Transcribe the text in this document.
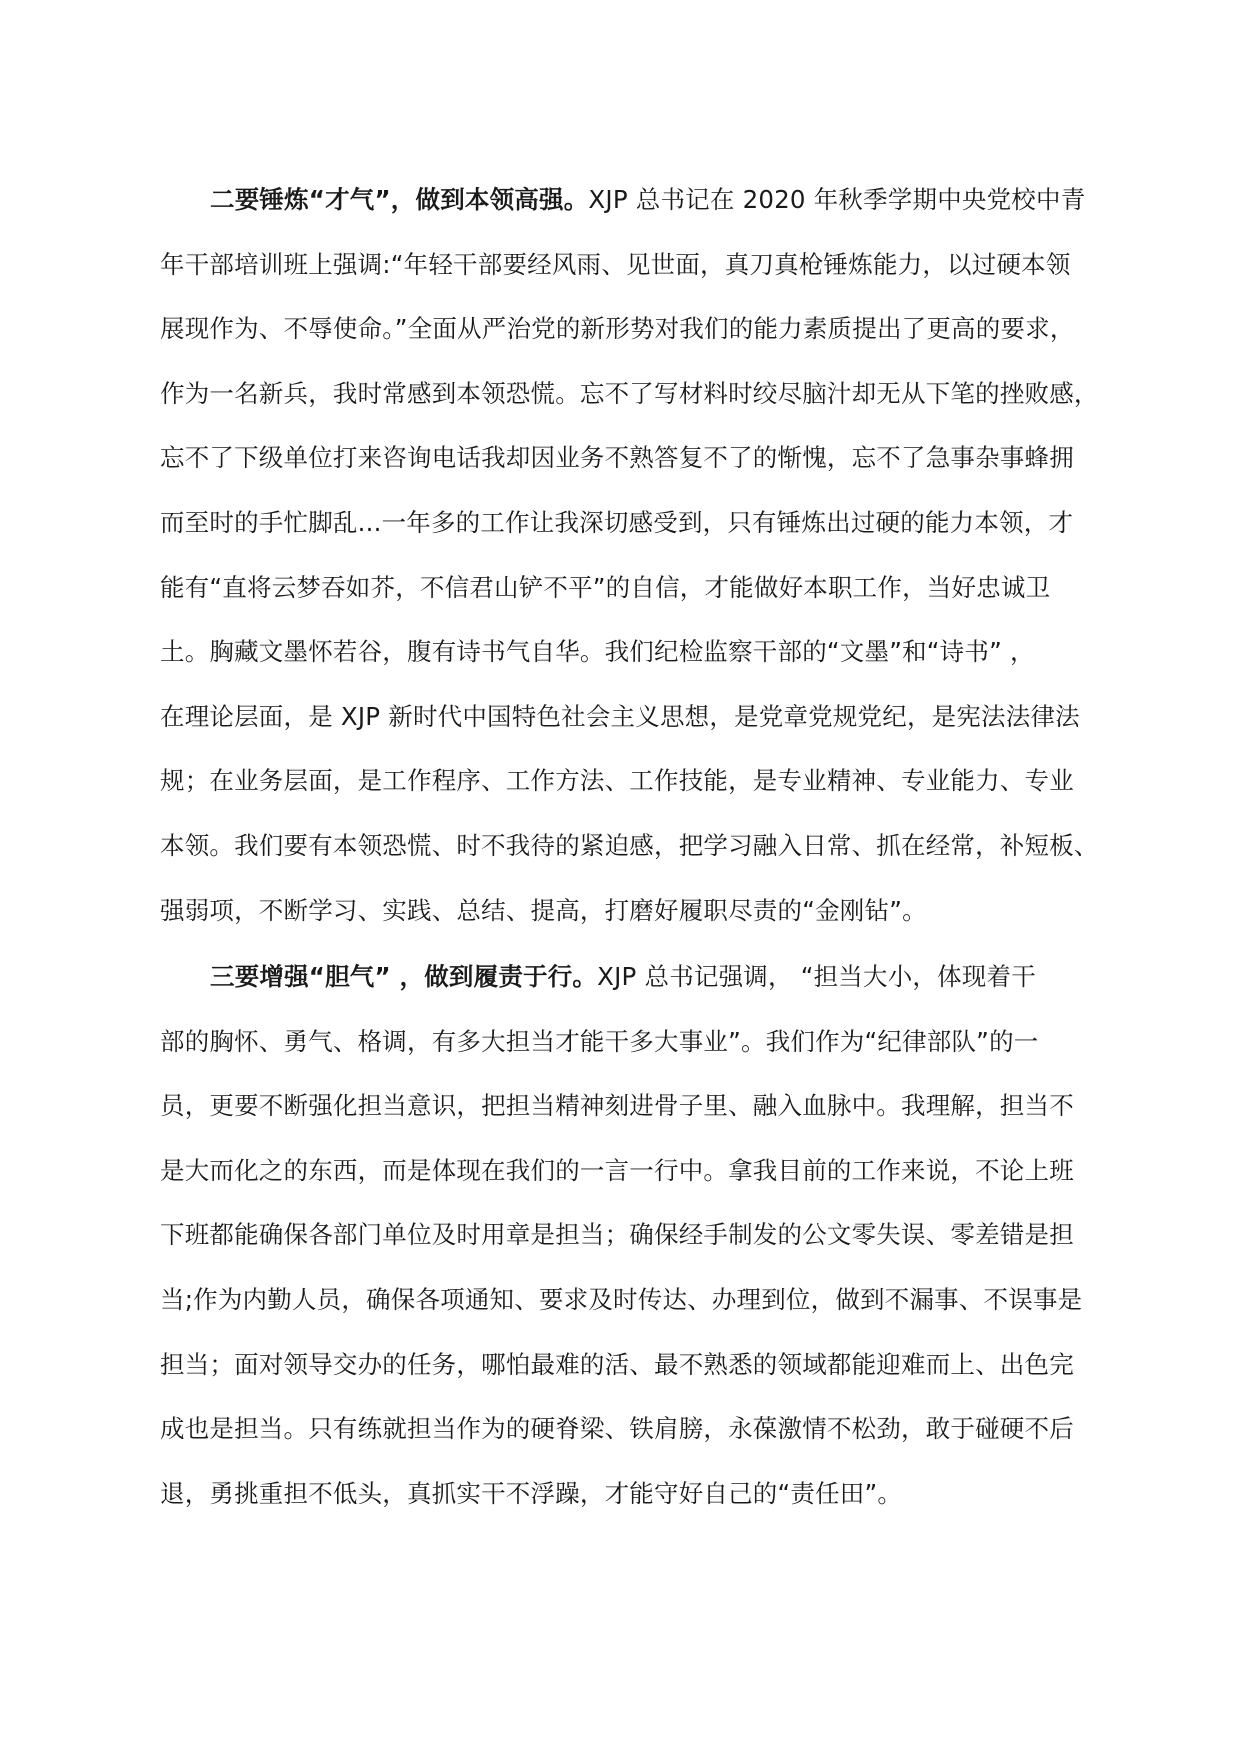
二要锤炼“才气”，做到本领高强。XJP 总书记在 2020 年秋季学期中央党校中青
年干部培训班上强调:“年轻干部要经风雨、见世面，真刀真枪锤炼能力，以过硬本领
展现作为、不辱使命。”全面从严治党的新形势对我们的能力素质提出了更高的要求，
作为一名新兵，我时常感到本领恐慌。忘不了写材料时绞尽脑汁却无从下笔的挫败感，
忘不了下级单位打来咨询电话我却因业务不熟答复不了的惭愧，忘不了急事杂事蜂拥
而至时的手忙脚乱...一年多的工作让我深切感受到，只有锤炼出过硬的能力本领，才
能有“直将云梦吞如芥，不信君山铲不平”的自信，才能做好本职工作，当好忠诚卫
土。胸藏文墨怀若谷，腹有诗书气自华。我们纪检监察干部的“文墨”和“诗书” ，
在理论层面，是 XJP 新时代中国特色社会主义思想，是党章党规党纪，是宪法法律法
规；在业务层面，是工作程序、工作方法、工作技能，是专业精神、专业能力、专业
本领。我们要有本领恐慌、时不我待的紧迫感，把学习融入日常、抓在经常，补短板、
强弱项，不断学习、实践、总结、提高，打磨好履职尽责的“金刚钻”。
三要增强“胆气” ，做到履责于行。XJP 总书记强调， “担当大小，体现着干
部的胸怀、勇气、格调，有多大担当才能干多大事业”。我们作为“纪律部队”的一
员，更要不断强化担当意识，把担当精神刻进骨子里、融入血脉中。我理解，担当不
是大而化之的东西，而是体现在我们的一言一行中。拿我目前的工作来说，不论上班
下班都能确保各部门单位及时用章是担当；确保经手制发的公文零失误、零差错是担
当;作为内勤人员，确保各项通知、要求及时传达、办理到位，做到不漏事、不误事是
担当；面对领导交办的任务，哪怕最难的活、最不熟悉的领域都能迎难而上、出色完
成也是担当。只有练就担当作为的硬脊梁、铁肩膀，永葆激情不松劲，敢于碰硬不后
退，勇挑重担不低头，真抓实干不浮躁，才能守好自己的“责任田”。
